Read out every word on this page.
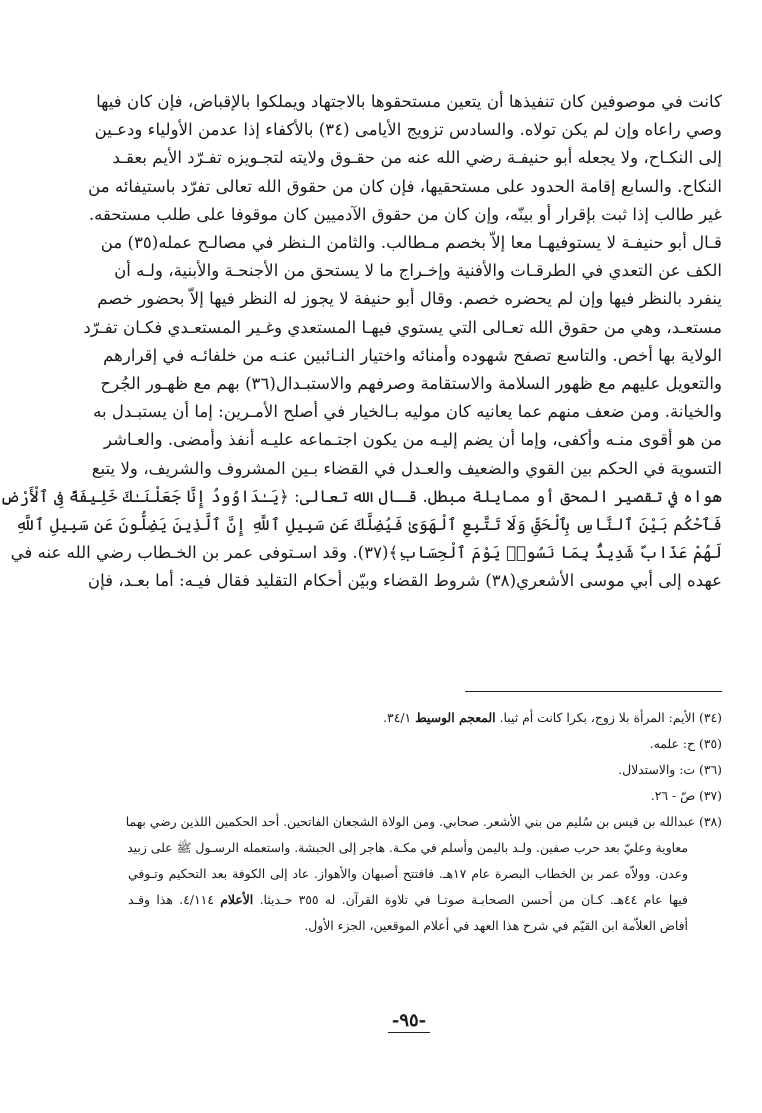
كانت في موصوفين كان تنفيذها أن يتعين مستحقوها بالاجتهاد ويملكوا بالإقباض، فإن كان فيها

وصي راعاه وإن لم يكن تولاه. والسادس تزويج الأيامى (٣٤) بالأكفاء إذا عدمن الأولياء ودعـين

إلى النكـاح، ولا يجعله أبو حنيفـة رضي الله عنه من حقـوق ولايته لتجـويزه تفـرّد الأيم بعقـد

النكاح. والسابع إقامة الحدود على مستحقيها، فإن كان من حقوق الله تعالى تفرّد باستيفائه من

غير طالب إذا ثبت بإقرار أو بينّه، وإن كان من حقوق الآدميين كان موقوفا على طلب مستحقه.

قـال أبو حنيفـة لا يستوفيهـا معا إلاّ بخصم مـطالب. والثامن الـنظر في مصالـح عمله(٣٥) من

الكف عن التعدي في الطرقـات والأفنية وإخـراج ما لا يستحق من الأجنحـة والأبنية، ولـه أن

ينفرد بالنظر فيها وإن لم يحضره خصم. وقال أبو حنيفة لا يجوز له النظر فيها إلاّ بحضور خصم

مستعـد، وهي من حقوق الله تعـالى التي يستوي فيهـا المستعدي وغـير المستعـدي فكـان تفـرّد

الولاية بها أخص. والتاسع تصفح شهوده وأمنائه واختيار النـائبين عنـه من خلفائـه في إقرارهم

والتعويل عليهم مع ظهور السلامة والاستقامة وصرفهم والاستبـدال(٣٦) بهم مع ظهـور الجُرح

والخيانة. ومن ضعف منهم عما يعانيه كان موليه بـالخيار في أصلح الأمـرين: إما أن يستبـدل به

من هو أقوى منـه وأكفى، وإما أن يضم إليـه من يكون اجتـماعه عليـه أنفذ وأمضى. والعـاشر

التسوية في الحكم بين القوي والضعيف والعـدل في القضاء بـين المشروف والشريف، ولا يتبع

هواه في تقصير المحق أو ممايلة مبطل. قـال الله تعالى: ﴿يَـٰدَاوُودُ إِنَّا جَعَلْنَـٰكَ خَلِيفَةً فِى ٱلْأَرْضِ

فَٱحْكُم بَيْنَ ٱلنَّاسِ بِٱلْحَقِّ وَلَا تَتَّبِعِ ٱلْهَوَىٰ فَيُضِلَّكَ عَن سَبِيلِ ٱللَّهِ إِنَّ ٱلَّذِينَ يَضِلُّونَ عَن سَبِيلِ ٱللَّهِ

لَهُمْ عَذَابٌ شَدِيدٌۢ بِمَا نَسُوا۟ يَوْمَ ٱلْحِسَابِ﴾(٣٧). وقد اسـتوفى عمر بن الخـطاب رضي الله عنه في

عهده إلى أبي موسى الأشعري(٣٨) شروط القضاء وبيّن أحكام التقليد فقال فيـه: أما بعـد، فإن

(٣٤) الأيم: المرأة بلا زوج، بكرا كانت أم ثيبا. المعجم الوسيط ٣٤/١.
(٣٥) ح: علمه.
(٣٦) ت: والاستدلال.
(٣٧) صّ - ٢٦.
(٣٨) عبدالله بن قيس بن سُليم من بني الأشعر. صحابي. ومن الولاة الشجعان الفاتحين. أحد الحكمين اللذين رضي بهما
معاوية وعليّ بعد حرب صفين. ولـد باليمن وأسلم في مكـة. هاجر إلى الحبشة. واستعمله الرسـول ﷺ على زبيد
وعدن. وولاّه عمر بن الخطاب البصرة عام ١٧هـ. فافتتح أصبهان والأهواز. عاد إلى الكوفة بعد التحكيم وتـوفي
فيها عام ٤٤هـ. كـان من أحسن الصحابـة صوتـا في تلاوة القرآن. له ٣٥٥ حـديثا. الأعلام ٤/١١٤. هذا وقـد
أفاض العلاّمة ابن القيّم في شرح هذا العهد في أعلام الموقعين، الجزء الأول.
-٩٥-
